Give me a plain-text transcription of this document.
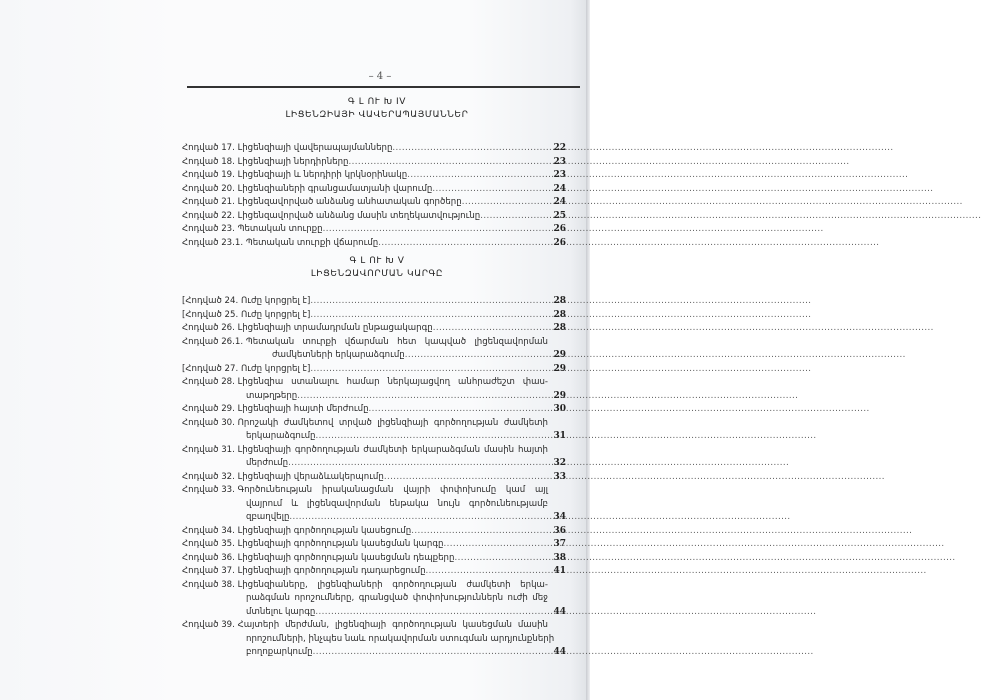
– 4 –
Գ Լ ՈՒ Խ IV
ԼԻՑԵՆԶԻԱՅԻ ՎԱՎԵՐԱՊԱՅՄԱՆՆԵՐ
Հոդված 17.
Լիցենզիայի վավերապայմանները
.....	22
Հոդված 18.
Լիցենզիայի ներդիրները
.....	23
Հոդված 19.
Լիցենզիայի և ներդիրի կրկնօրինակը
.....	23
Հոդված 20.
Լիցենզիաների գրանցամատյանի վարումը
.....	24
Հոդված 21.
Լիցենզավորված անձանց անհատական գործերը
.....	24
Հոդված 22.
Լիցենզավորված անձանց մասին տեղեկատվությունը
.....	25
Հոդված 23.
Պետական տուրքը
.....	26
Հոդված 23.1.
Պետական տուրքի վճարումը
.....	26
Գ Լ ՈՒ Խ V
ԼԻՑԵՆԶԱՎՈՐՄԱՆ ԿԱՐԳԸ
[Հոդված 24.
Ուժը կորցրել է]
.....	28
[Հոդված 25.
Ուժը կորցրել է]
.....	28
Հոդված 26.
Լիցենզիայի տրամադրման ընթացակարգը
.....	28
Հոդված 26.1.
Պետական տուրքի վճարման հետ կապված լիցենզավորման
ժամկետների երկարաձգումը
.....	29
[Հոդված 27.
Ուժը կորցրել է]
.....	29
Հոդված 28.
Լիցենզիա ստանալու համար ներկայացվող անհրաժեշտ փաս-
տաթղթերը
.....	29
Հոդված 29.
Լիցենզիայի հայտի մերժումը
.....	30
Հոդված 30.
Որոշակի ժամկետով տրված լիցենզիայի գործողության ժամկետի
երկարաձգումը
.....	31
Հոդված 31.
Լիցենզիայի գործողության ժամկետի երկարաձգման մասին հայտի
մերժումը
.....	32
Հոդված 32.
Լիցենզիայի վերաձևակերպումը
.....	33
Հոդված 33.
Գործունեության իրականացման վայրի փոփոխումը կամ այլ
վայրում և լիցենզավորման ենթակա նույն գործունեությամբ
զբաղվելը
.....	34
Հոդված 34.
Լիցենզիայի գործողության կասեցումը
.....	36
Հոդված 35.
Լիցենզիայի գործողության կասեցման կարգը
.....	37
Հոդված 36.
Լիցենզիայի գործողության կասեցման դեպքերը
.....	38
Հոդված 37.
Լիցենզիայի գործողության դադարեցումը
.....	41
Հոդված 38.
Լիցենզիաները, լիցենզիաների գործողության ժամկետի երկա-
րաձգման որոշումները, գրանցված փոփոխություններն ուժի մեջ
մտնելու կարգը
.....	44
Հոդված 39.
Հայտերի մերժման, լիցենզիայի գործողության կասեցման մասին
որոշումների, ինչպես նաև որակավորման ստուգման արդյունքների
բողոքարկումը
.....	44
